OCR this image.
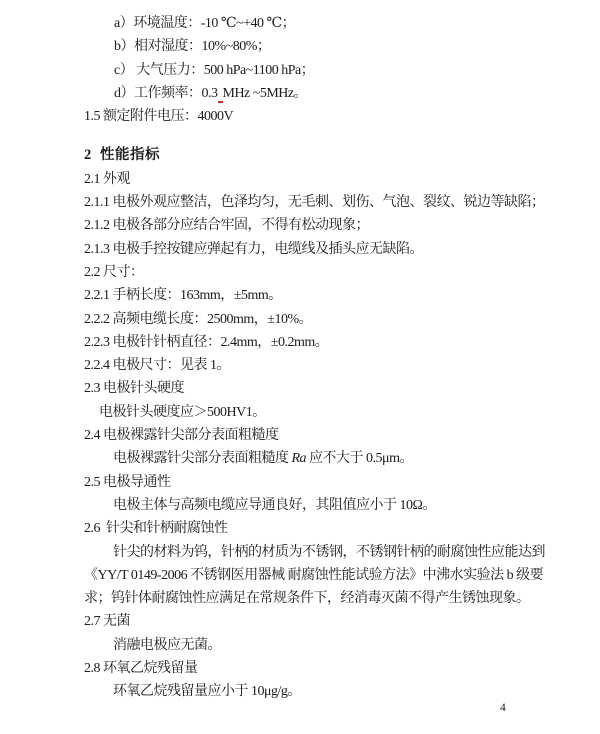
a）环境温度：-10 ℃~+40 ℃；
b）相对湿度：10%~80%；
c） 大气压力：500 hPa~1100 hPa；
d）工作频率：0.3 MHz ~5MHz。
1.5 额定附件电压：4000V
2  性能指标
2.1 外观
2.1.1 电极外观应整洁，色泽均匀，无毛刺、划伤、气泡、裂纹、锐边等缺陷；
2.1.2 电极各部分应结合牢固，不得有松动现象；
2.1.3 电极手控按键应弹起有力，电缆线及插头应无缺陷。
2.2 尺寸：
2.2.1 手柄长度：163mm，±5mm。
2.2.2 高频电缆长度：2500mm，±10%。
2.2.3 电极针针柄直径：2.4mm，±0.2mm。
2.2.4 电极尺寸：见表 1。
2.3 电极针头硬度
电极针头硬度应＞500HV1。
2.4 电极裸露针尖部分表面粗糙度
电极裸露针尖部分表面粗糙度 Ra 应不大于 0.5μm。
2.5 电极导通性
电极主体与高频电缆应导通良好，其阻值应小于 10Ω。
2.6  针尖和针柄耐腐蚀性
针尖的材料为钨，针柄的材质为不锈钢，不锈钢针柄的耐腐蚀性应能达到
《YY/T 0149-2006 不锈钢医用器械 耐腐蚀性能试验方法》中沸水实验法 b 级要
求；钨针体耐腐蚀性应满足在常规条件下，经消毒灭菌不得产生锈蚀现象。
2.7 无菌
消融电极应无菌。
2.8 环氧乙烷残留量
环氧乙烷残留量应小于 10μg/g。
4
